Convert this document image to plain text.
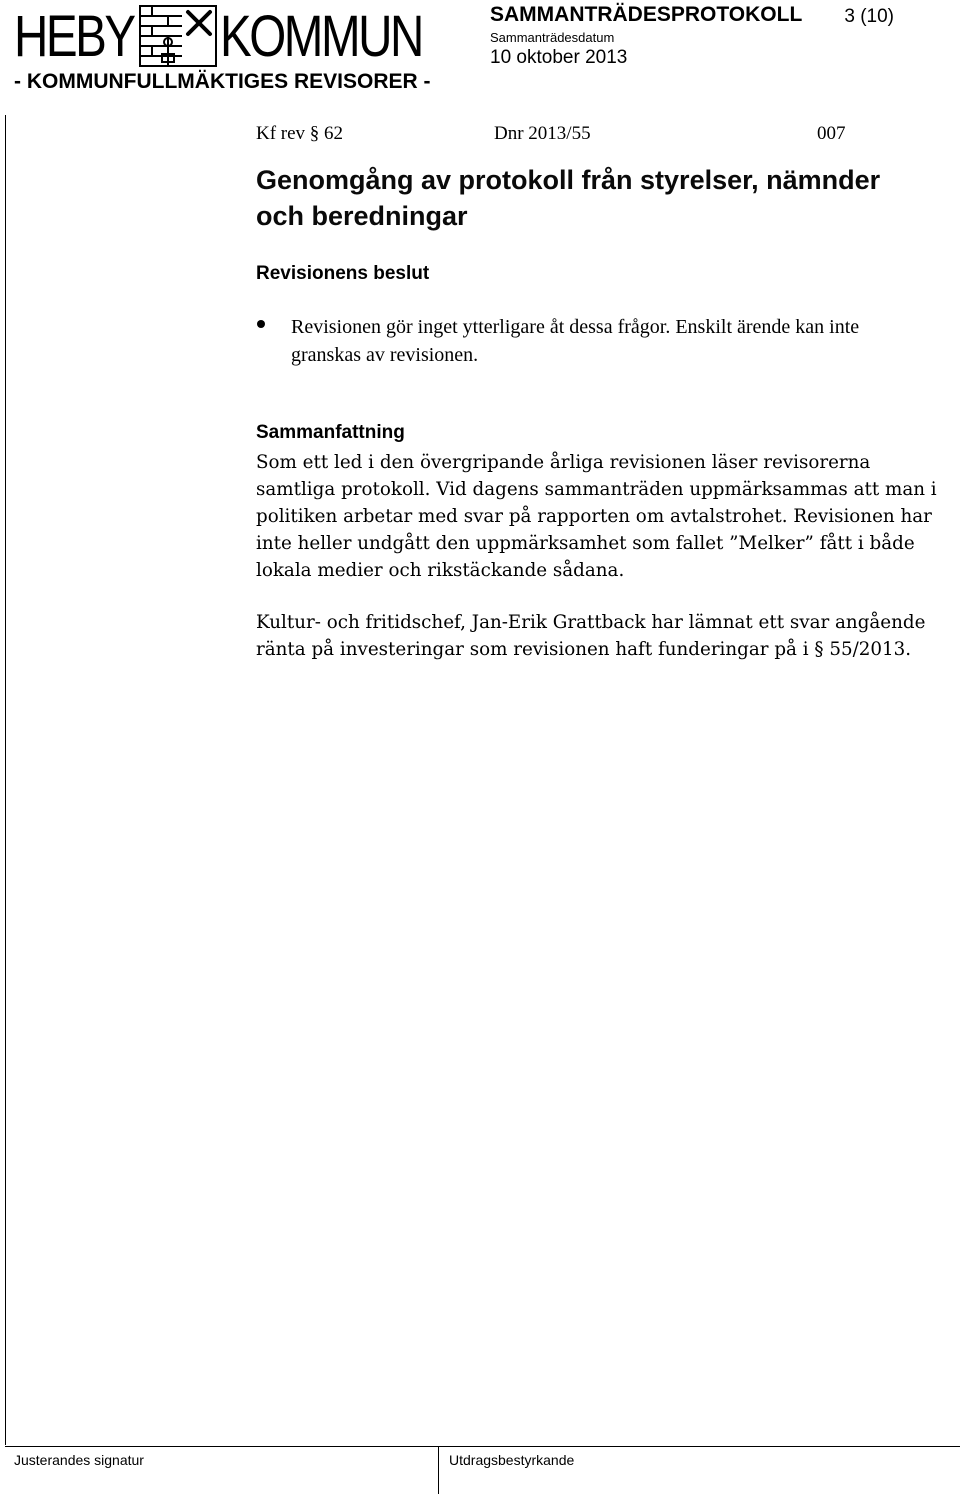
HEBY KOMMUN
- KOMMUNFULLMÄKTIGES REVISORER -
SAMMANTRÄDESPROTOKOLL 3 (10)
Sammanträdesdatum
10 oktober 2013
Kf rev § 62	Dnr 2013/55	007
Genomgång av protokoll från styrelser, nämnder och beredningar
Revisionens beslut
Revisionen gör inget ytterligare åt dessa frågor. Enskilt ärende kan inte granskas av revisionen.
Sammanfattning
Som ett led i den övergripande årliga revisionen läser revisorerna samtliga protokoll. Vid dagens sammanträden uppmärksammas att man i politiken arbetar med svar på rapporten om avtalstrohet. Revisionen har inte heller undgått den uppmärksamhet som fallet ”Melker” fått i både lokala medier och rikstäckande sådana.
Kultur- och fritidschef, Jan-Erik Grattback har lämnat ett svar angående ränta på investeringar som revisionen haft funderingar på i § 55/2013.
Justerandes signatur	Utdragsbestyrkande
